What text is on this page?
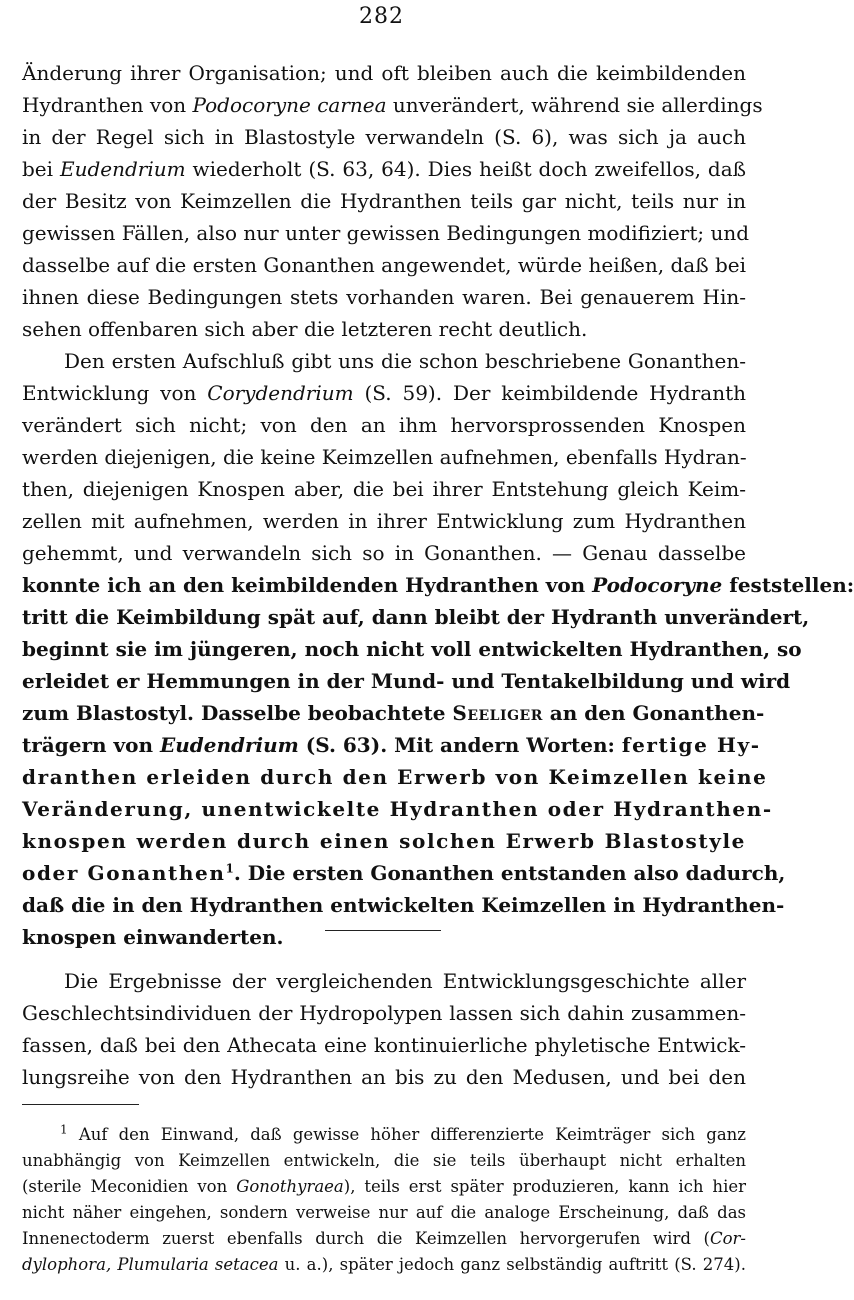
282
Änderung ihrer Organisation; und oft bleiben auch die keimbildenden
Hydranthen von Podocoryne carnea unverändert, während sie allerdings
in der Regel sich in Blastostyle verwandeln (S. 6), was sich ja auch
bei Eudendrium wiederholt (S. 63, 64). Dies heißt doch zweifellos, daß
der Besitz von Keimzellen die Hydranthen teils gar nicht, teils nur in
gewissen Fällen, also nur unter gewissen Bedingungen modifiziert; und
dasselbe auf die ersten Gonanthen angewendet, würde heißen, daß bei
ihnen diese Bedingungen stets vorhanden waren. Bei genauerem Hin-
sehen offenbaren sich aber die letzteren recht deutlich.
Den ersten Aufschluß gibt uns die schon beschriebene Gonanthen-
Entwicklung von Corydendrium (S. 59). Der keimbildende Hydranth
verändert sich nicht; von den an ihm hervorsprossenden Knospen
werden diejenigen, die keine Keimzellen aufnehmen, ebenfalls Hydran-
then, diejenigen Knospen aber, die bei ihrer Entstehung gleich Keim-
zellen mit aufnehmen, werden in ihrer Entwicklung zum Hydranthen
gehemmt, und verwandeln sich so in Gonanthen. — Genau dasselbe
konnte ich an den keimbildenden Hydranthen von Podocoryne feststellen:
tritt die Keimbildung spät auf, dann bleibt der Hydranth unverändert,
beginnt sie im jüngeren, noch nicht voll entwickelten Hydranthen, so
erleidet er Hemmungen in der Mund- und Tentakelbildung und wird
zum Blastostyl. Dasselbe beobachtete Seeliger an den Gonanthen-
trägern von Eudendrium (S. 63). Mit andern Worten: fertige Hy-
dranthen erleiden durch den Erwerb von Keimzellen keine
Veränderung, unentwickelte Hydranthen oder Hydranthen-
knospen werden durch einen solchen Erwerb Blastostyle
oder Gonanthen$^1$. Die ersten Gonanthen entstanden also dadurch,
daß die in den Hydranthen entwickelten Keimzellen in Hydranthen-
knospen einwanderten.
Die Ergebnisse der vergleichenden Entwicklungsgeschichte aller
Geschlechtsindividuen der Hydropolypen lassen sich dahin zusammen-
fassen, daß bei den Athecata eine kontinuierliche phyletische Entwick-
lungsreihe von den Hydranthen an bis zu den Medusen, und bei den
$^1$ Auf den Einwand, daß gewisse höher differenzierte Keimträger sich ganz
unabhängig von Keimzellen entwickeln, die sie teils überhaupt nicht erhalten
(sterile Meconidien von Gonothyraea), teils erst später produzieren, kann ich hier
nicht näher eingehen, sondern verweise nur auf die analoge Erscheinung, daß das
Innenectoderm zuerst ebenfalls durch die Keimzellen hervorgerufen wird (Cor-
dylophora, Plumularia setacea u. a.), später jedoch ganz selbständig auftritt (S. 274).
